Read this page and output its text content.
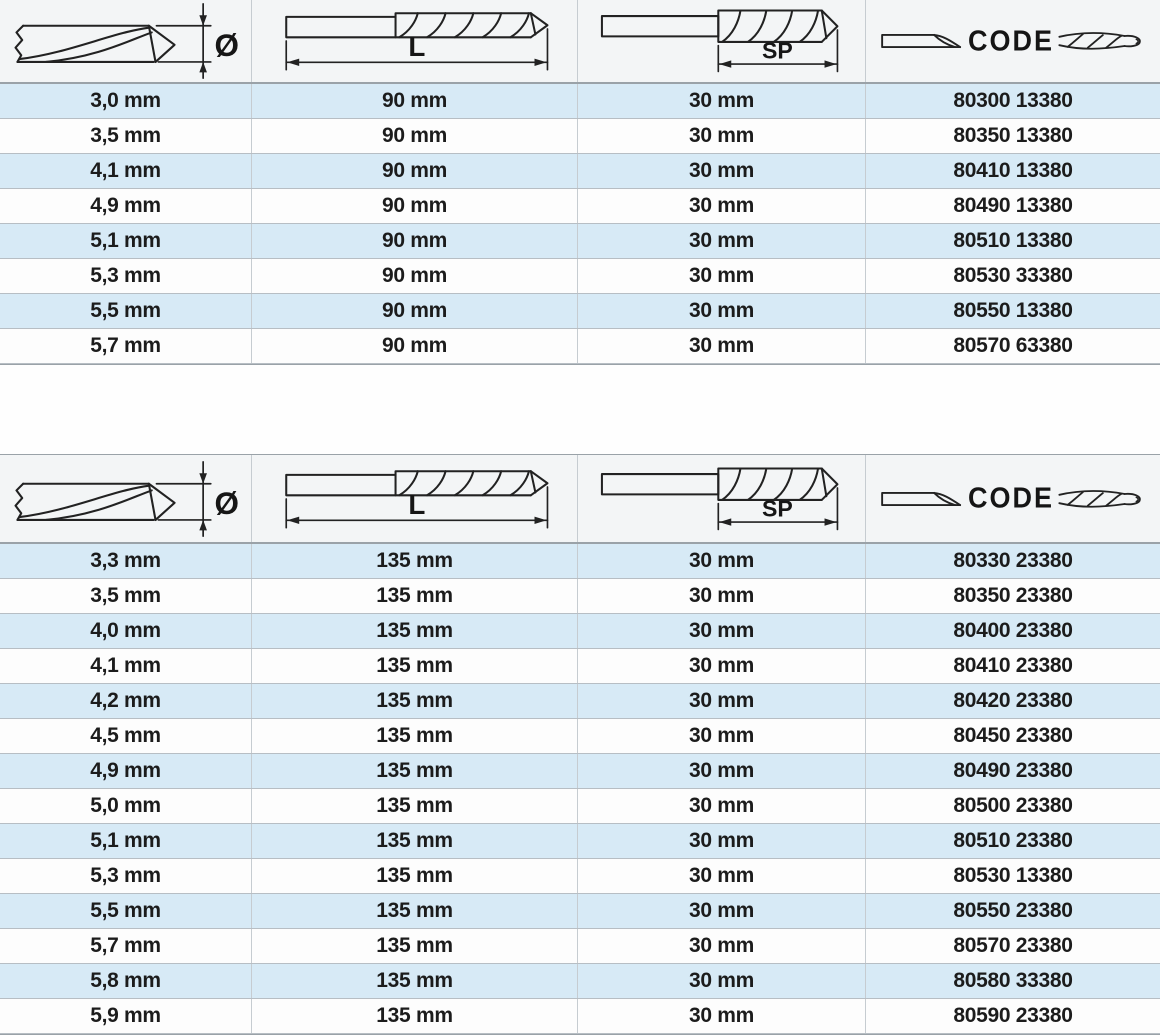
Ø	L	SP	CODE
3,0 mm	90 mm	30 mm	80300 13380
3,5 mm	90 mm	30 mm	80350 13380
4,1 mm	90 mm	30 mm	80410 13380
4,9 mm	90 mm	30 mm	80490 13380
5,1 mm	90 mm	30 mm	80510 13380
5,3 mm	90 mm	30 mm	80530 33380
5,5 mm	90 mm	30 mm	80550 13380
5,7 mm	90 mm	30 mm	80570 63380
Ø	L	SP	CODE
3,3 mm	135 mm	30 mm	80330 23380
3,5 mm	135 mm	30 mm	80350 23380
4,0 mm	135 mm	30 mm	80400 23380
4,1 mm	135 mm	30 mm	80410 23380
4,2 mm	135 mm	30 mm	80420 23380
4,5 mm	135 mm	30 mm	80450 23380
4,9 mm	135 mm	30 mm	80490 23380
5,0 mm	135 mm	30 mm	80500 23380
5,1 mm	135 mm	30 mm	80510 23380
5,3 mm	135 mm	30 mm	80530 13380
5,5 mm	135 mm	30 mm	80550 23380
5,7 mm	135 mm	30 mm	80570 23380
5,8 mm	135 mm	30 mm	80580 33380
5,9 mm	135 mm	30 mm	80590 23380
